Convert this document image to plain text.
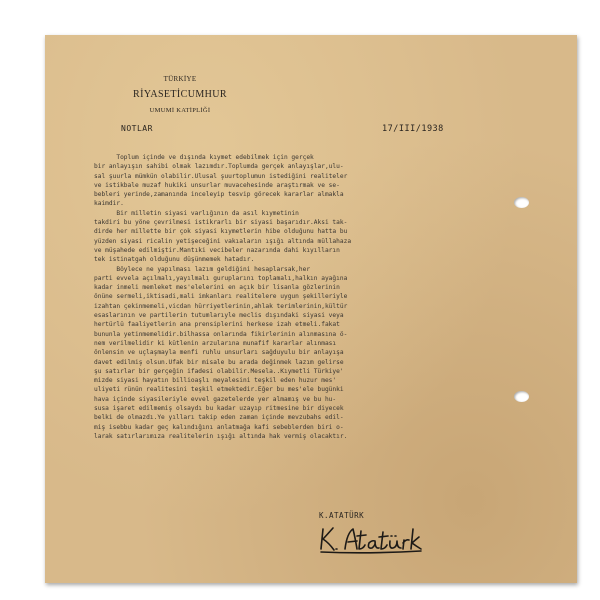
TÜRKİYE
RİYASETİCUMHUR
UMUMİ KATİPLİĞİ
NOTLAR	17/III/1938
Toplum içinde ve dışında kıymet edebilmek için gerçek
bir anlayışın sahibi olmak lazımdır.Toplumda gerçek anlayışlar,ulu-
sal şuurla mümkün olabilir.Ulusal şuurtoplumun istediğini realiteler
ve istikbale muzaf hukiki unsurlar muvacehesinde araştırmak ve se-
bebleri yerinde,zamanında inceleyip tesvip görecek kararlar almakla
kaimdir.
Bir milletin siyasi varlığının da asıl kıymetinin
takdiri bu yöne çevrilmesi istikrarlı bir siyasi başarıdır.Aksi tak-
dirde her millette bir çok siyasi kıymetlerin hibe olduğunu hatta bu
yüzden siyasi ricalin yetişeceğini vakıaların ışığı altında müllahaza
ve müşahede edilmiştir.Mantıki vecibeler nazarında dahi kıyılların
tek istinatgah olduğunu düşünmemek hatadır.
Böylece ne yapılması lazım geldiğini hesaplarsak,her
parti evvela açılmalı,yayılmalı guruplarını toplamalı,halkın ayağına
kadar inmeli memleket mes'elelerini en açık bir lisanla gözlerinin
önüne sermeli,iktisadi,mali imkanları realitelere uygun şekilleriyle
izahtan çekinmemeli,vicdan hürriyetlerinin,ahlak terimlerinin,kültür
esaslarının ve partilerin tutumlarıyle meclis dışındaki siyasi veya
hertürlü faaliyetlerin ana prensiplerini herkese izah etmeli.fakat
bununla yetinmemelidir.bilhassa onlarında fikirlerinin alınmasına ö-
nem verilmelidir ki kütlenin arzularına munafif kararlar alınması
önlensin ve uçlaşmayla menfi ruhlu unsurları sağduyulu bir anlayışa
davet edilmiş olsun.Ufak bir misale bu arada değinmek lazım gelirse
şu satırlar bir gerçeğin ifadesi olabilir.Mesela..Kıymetli Türkiye'
mizde siyasi hayatın billioaşlı meyalesini teşkil eden huzur mes'
uliyeti rünün realitesini teşkil etmektedir.Eğer bu mes'ele bugünki
hava içinde siyasileriyle evvel gazetelerde yer almamış ve bu hu-
susa işaret edilmemiş olsaydı bu kadar uzayıp ritmesine bir diyecek
belki de olmazdı.Ye yılları takip eden zaman içinde mevzubahs edil-
miş isebbu kadar geç kalındığını anlatmağa kafi sebeblerden biri o-
larak satırlarımıza realitelerin ışığı altında hak vermiş olacaktır.
K.ATATÜRK
